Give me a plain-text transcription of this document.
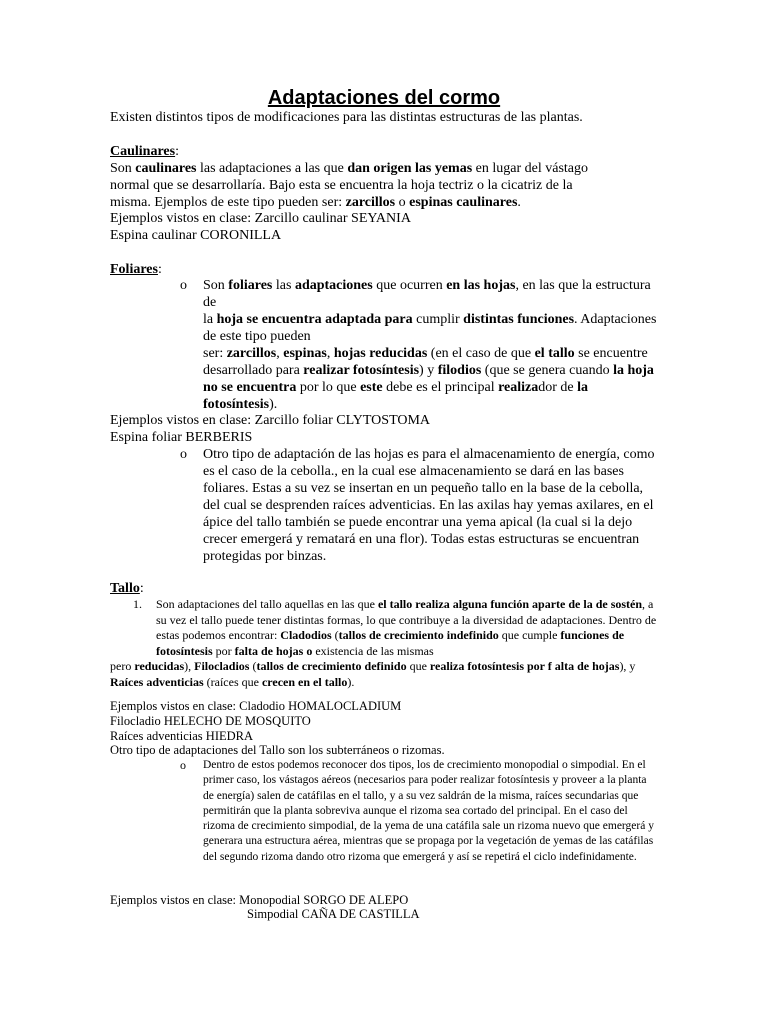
Adaptaciones del cormo
Existen distintos tipos de modificaciones para las distintas estructuras de las plantas.
Caulinares:
Son caulinares las adaptaciones a las que dan origen las yemas en lugar del vástago
normal que se desarrollaría. Bajo esta se encuentra la hoja tectriz o la cicatriz de la
misma. Ejemplos de este tipo pueden ser: zarcillos o espinas caulinares.
Ejemplos vistos en clase: Zarcillo caulinar SEYANIA
Espina caulinar CORONILLA
Foliares:
o Son foliares las adaptaciones que ocurren en las hojas, en las que la estructura de
la hoja se encuentra adaptada para cumplir distintas funciones. Adaptaciones de este tipo pueden
ser: zarcillos, espinas, hojas reducidas (en el caso de que el tallo se encuentre desarrollado para realizar fotosíntesis) y filodios (que se genera cuando la hoja no se encuentra por lo que este debe es el principal realizador de la fotosíntesis).
Ejemplos vistos en clase: Zarcillo foliar CLYTOSTOMA
Espina foliar BERBERIS
o Otro tipo de adaptación de las hojas es para el almacenamiento de energía, como es el caso de la cebolla., en la cual ese almacenamiento se dará en las bases foliares. Estas a su vez se insertan en un pequeño tallo en la base de la cebolla, del cual se desprenden raíces adventicias. En las axilas hay yemas axilares, en el ápice del tallo también se puede encontrar una yema apical (la cual si la dejo crecer emergerá y rematará en una flor). Todas estas estructuras se encuentran protegidas por binzas.

Tallo:
1. Son adaptaciones del tallo aquellas en las que el tallo realiza alguna función aparte de la de sostén, a su vez el tallo puede tener distintas formas, lo que contribuye a la diversidad de adaptaciones. Dentro de estas podemos encontrar: Cladodios (tallos de crecimiento indefinido que cumple funciones de fotosíntesis por falta de hojas o existencia de las mismas
pero reducidas), Filocladios (tallos de crecimiento definido que realiza fotosíntesis por f alta de hojas), y Raíces adventicias (raíces que crecen en el tallo).
Ejemplos vistos en clase: Cladodio HOMALOCLADIUM
Filocladio HELECHO DE MOSQUITO
Raíces adventicias HIEDRA
Otro tipo de adaptaciones del Tallo son los subterráneos o rizomas.
o Dentro de estos podemos reconocer dos tipos, los de crecimiento monopodial o simpodial. En el primer caso, los vástagos aéreos (necesarios para poder realizar fotosíntesis y proveer a la planta de energía) salen de catáfilas en el tallo, y a su vez saldrán de la misma, raíces secundarias que permitirán que la planta sobreviva aunque el rizoma sea cortado del principal. En el caso del rizoma de crecimiento simpodial, de la yema de una catáfila sale un rizoma nuevo que emergerá y generara una estructura aérea, mientras que se propaga por la vegetación de yemas de las catáfilas del segundo rizoma dando otro rizoma que emergerá y así se repetirá el ciclo indefinidamente.

Ejemplos vistos en clase: Monopodial SORGO DE ALEPO
Simpodial CAÑA DE CASTILLA
